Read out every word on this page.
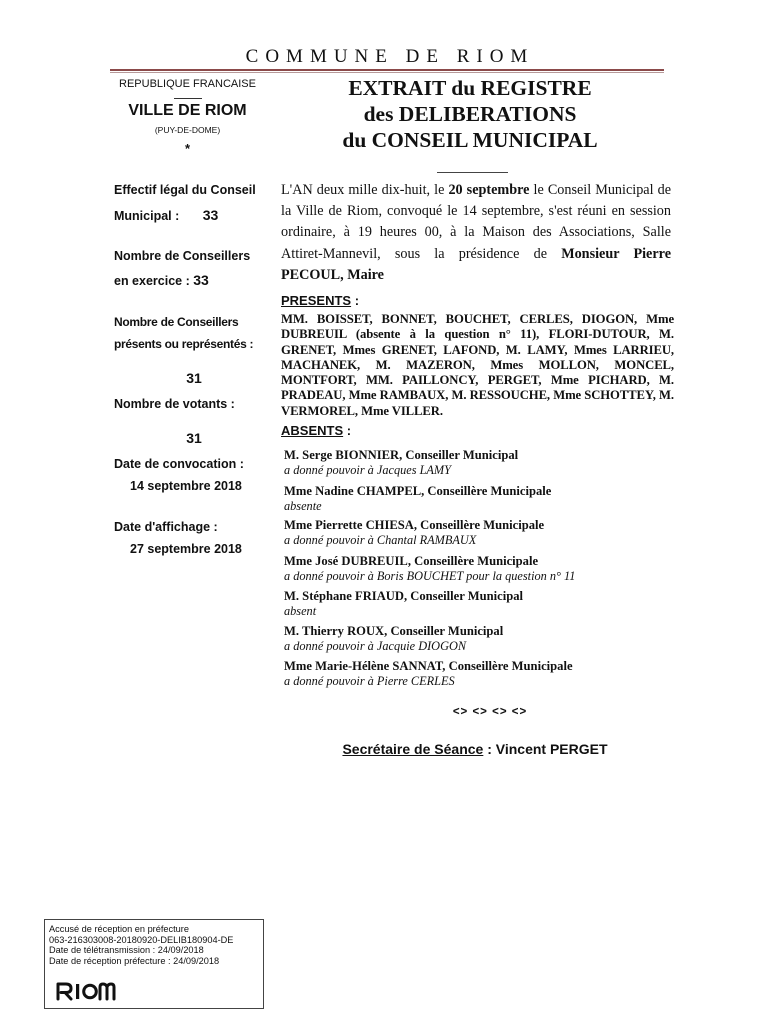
COMMUNE DE RIOM
REPUBLIQUE FRANCAISE
VILLE DE RIOM
(PUY-DE-DOME)
*
EXTRAIT du REGISTRE
des DELIBERATIONS
du CONSEIL MUNICIPAL
Effectif légal du Conseil
Municipal : 33
Nombre de Conseillers
en exercice : 33
Nombre de Conseillers
présents ou représentés :
31
Nombre de votants :
31
Date de convocation :
14 septembre 2018
Date d'affichage :
27 septembre 2018
L'AN deux mille dix-huit, le 20 septembre le Conseil Municipal de la Ville de Riom, convoqué le 14 septembre, s'est réuni en session ordinaire, à 19 heures 00, à la Maison des Associations, Salle Attiret-Mannevil, sous la présidence de Monsieur Pierre PECOUL, Maire
PRESENTS :
MM. BOISSET, BONNET, BOUCHET, CERLES, DIOGON, Mme DUBREUIL (absente à la question n° 11), FLORI-DUTOUR, M. GRENET, Mmes GRENET, LAFOND, M. LAMY, Mmes LARRIEU, MACHANEK, M. MAZERON, Mmes MOLLON, MONCEL, MONTFORT, MM. PAILLONCY, PERGET, Mme PICHARD, M. PRADEAU, Mme RAMBAUX, M. RESSOUCHE, Mme SCHOTTEY, M. VERMOREL, Mme VILLER.
ABSENTS :
M. Serge BIONNIER, Conseiller Municipal
a donné pouvoir à Jacques LAMY
Mme Nadine CHAMPEL, Conseillère Municipale
absente
Mme Pierrette CHIESA, Conseillère Municipale
a donné pouvoir à Chantal RAMBAUX
Mme José DUBREUIL, Conseillère Municipale
a donné pouvoir à Boris BOUCHET pour la question n° 11
M. Stéphane FRIAUD, Conseiller Municipal
absent
M. Thierry ROUX, Conseiller Municipal
a donné pouvoir à Jacquie DIOGON
Mme Marie-Hélène SANNAT, Conseillère Municipale
a donné pouvoir à Pierre CERLES
<> <> <> <>
Secrétaire de Séance : Vincent PERGET
Accusé de réception en préfecture
063-216303008-20180920-DELIB180904-DE
Date de télétransmission : 24/09/2018
Date de réception préfecture : 24/09/2018
